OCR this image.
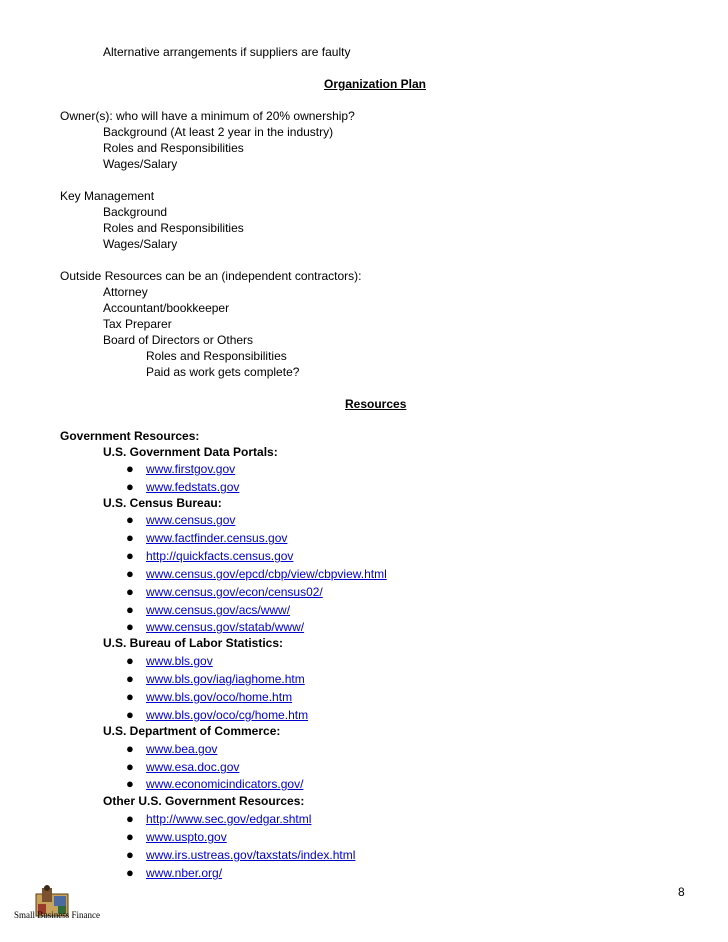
Alternative arrangements if suppliers are faulty
Organization Plan
Owner(s): who will have a minimum of 20% ownership?
Background (At least 2 year in the industry)
Roles and Responsibilities
Wages/Salary
Key Management
Background
Roles and Responsibilities
Wages/Salary
Outside Resources can be an (independent contractors):
Attorney
Accountant/bookkeeper
Tax Preparer
Board of Directors or Others
Roles and Responsibilities
Paid as work gets complete?
Resources
Government Resources:
U.S. Government Data Portals:
● www.firstgov.gov
● www.fedstats.gov
U.S. Census Bureau:
● www.census.gov
● www.factfinder.census.gov
● http://quickfacts.census.gov
● www.census.gov/epcd/cbp/view/cbpview.html
● www.census.gov/econ/census02/
● www.census.gov/acs/www/
● www.census.gov/statab/www/
U.S. Bureau of Labor Statistics:
● www.bls.gov
● www.bls.gov/iag/iaghome.htm
● www.bls.gov/oco/home.htm
● www.bls.gov/oco/cg/home.htm
U.S. Department of Commerce:
● www.bea.gov
● www.esa.doc.gov
● www.economicindicators.gov/
Other U.S. Government Resources:
● http://www.sec.gov/edgar.shtml
● www.uspto.gov
● www.irs.ustreas.gov/taxstats/index.html
● www.nber.org/
Small Business Finance
8
